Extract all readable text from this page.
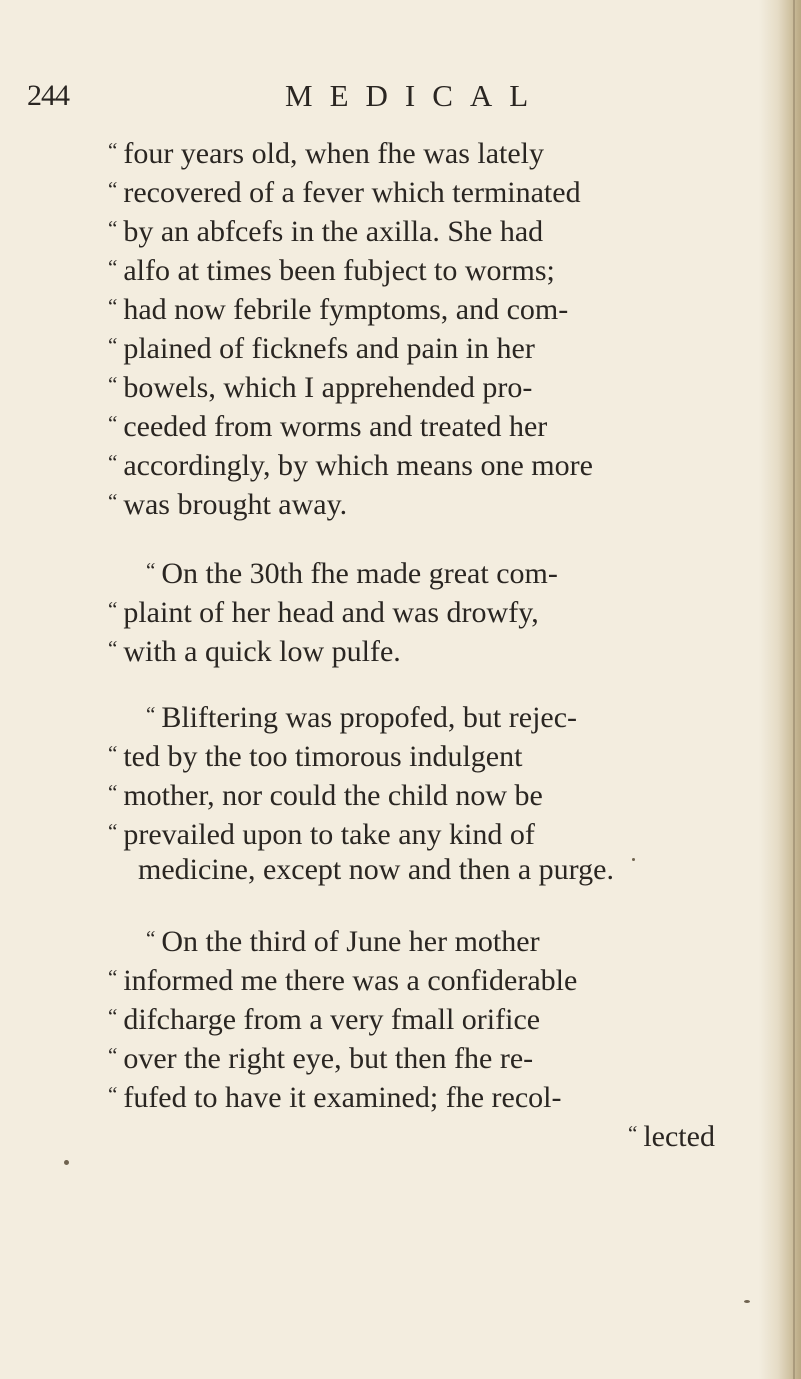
244	MEDICAL
“ four years old, when fhe was lately
“ recovered of a fever which terminated
“ by an abfcefs in the axilla. She had
“ alfo at times been fubject to worms;
“ had now febrile fymptoms, and com-
“ plained of ficknefs and pain in her
“ bowels, which I apprehended pro-
“ ceeded from worms and treated her
“ accordingly, by which means one more
“ was brought away.
“ On the 30th fhe made great com-
“ plaint of her head and was drowfy,
“ with a quick low pulfe.
“ Bliftering was propofed, but rejec-
“ ted by the too timorous indulgent
“ mother, nor could the child now be
“ prevailed upon to take any kind of
medicine, except now and then a purge.
“ On the third of June her mother
“ informed me there was a confiderable
“ difcharge from a very fmall orifice
“ over the right eye, but then fhe re-
“ fufed to have it examined; fhe recol-
“ lected
